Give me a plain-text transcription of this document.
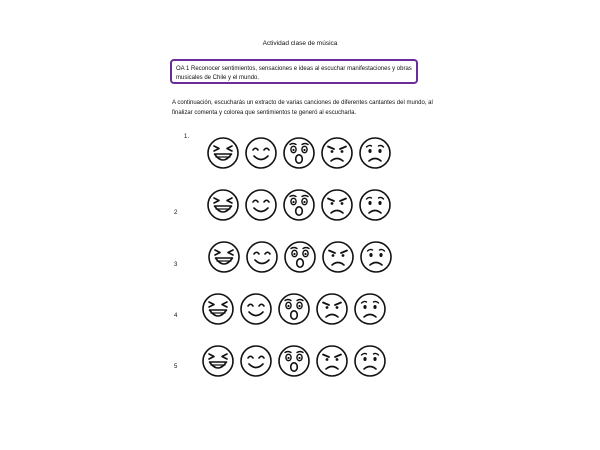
Actividad clase de música
OA 1 Reconocer sentimientos, sensaciones e ideas al escuchar manifestaciones y obras musicales de Chile y el mundo.
A continuación, escucharás un extracto de varias canciones de diferentes cantantes del mundo, al finalizar comenta y colorea que sentimientos te generó al escucharla.
1.
2
3
4
5
